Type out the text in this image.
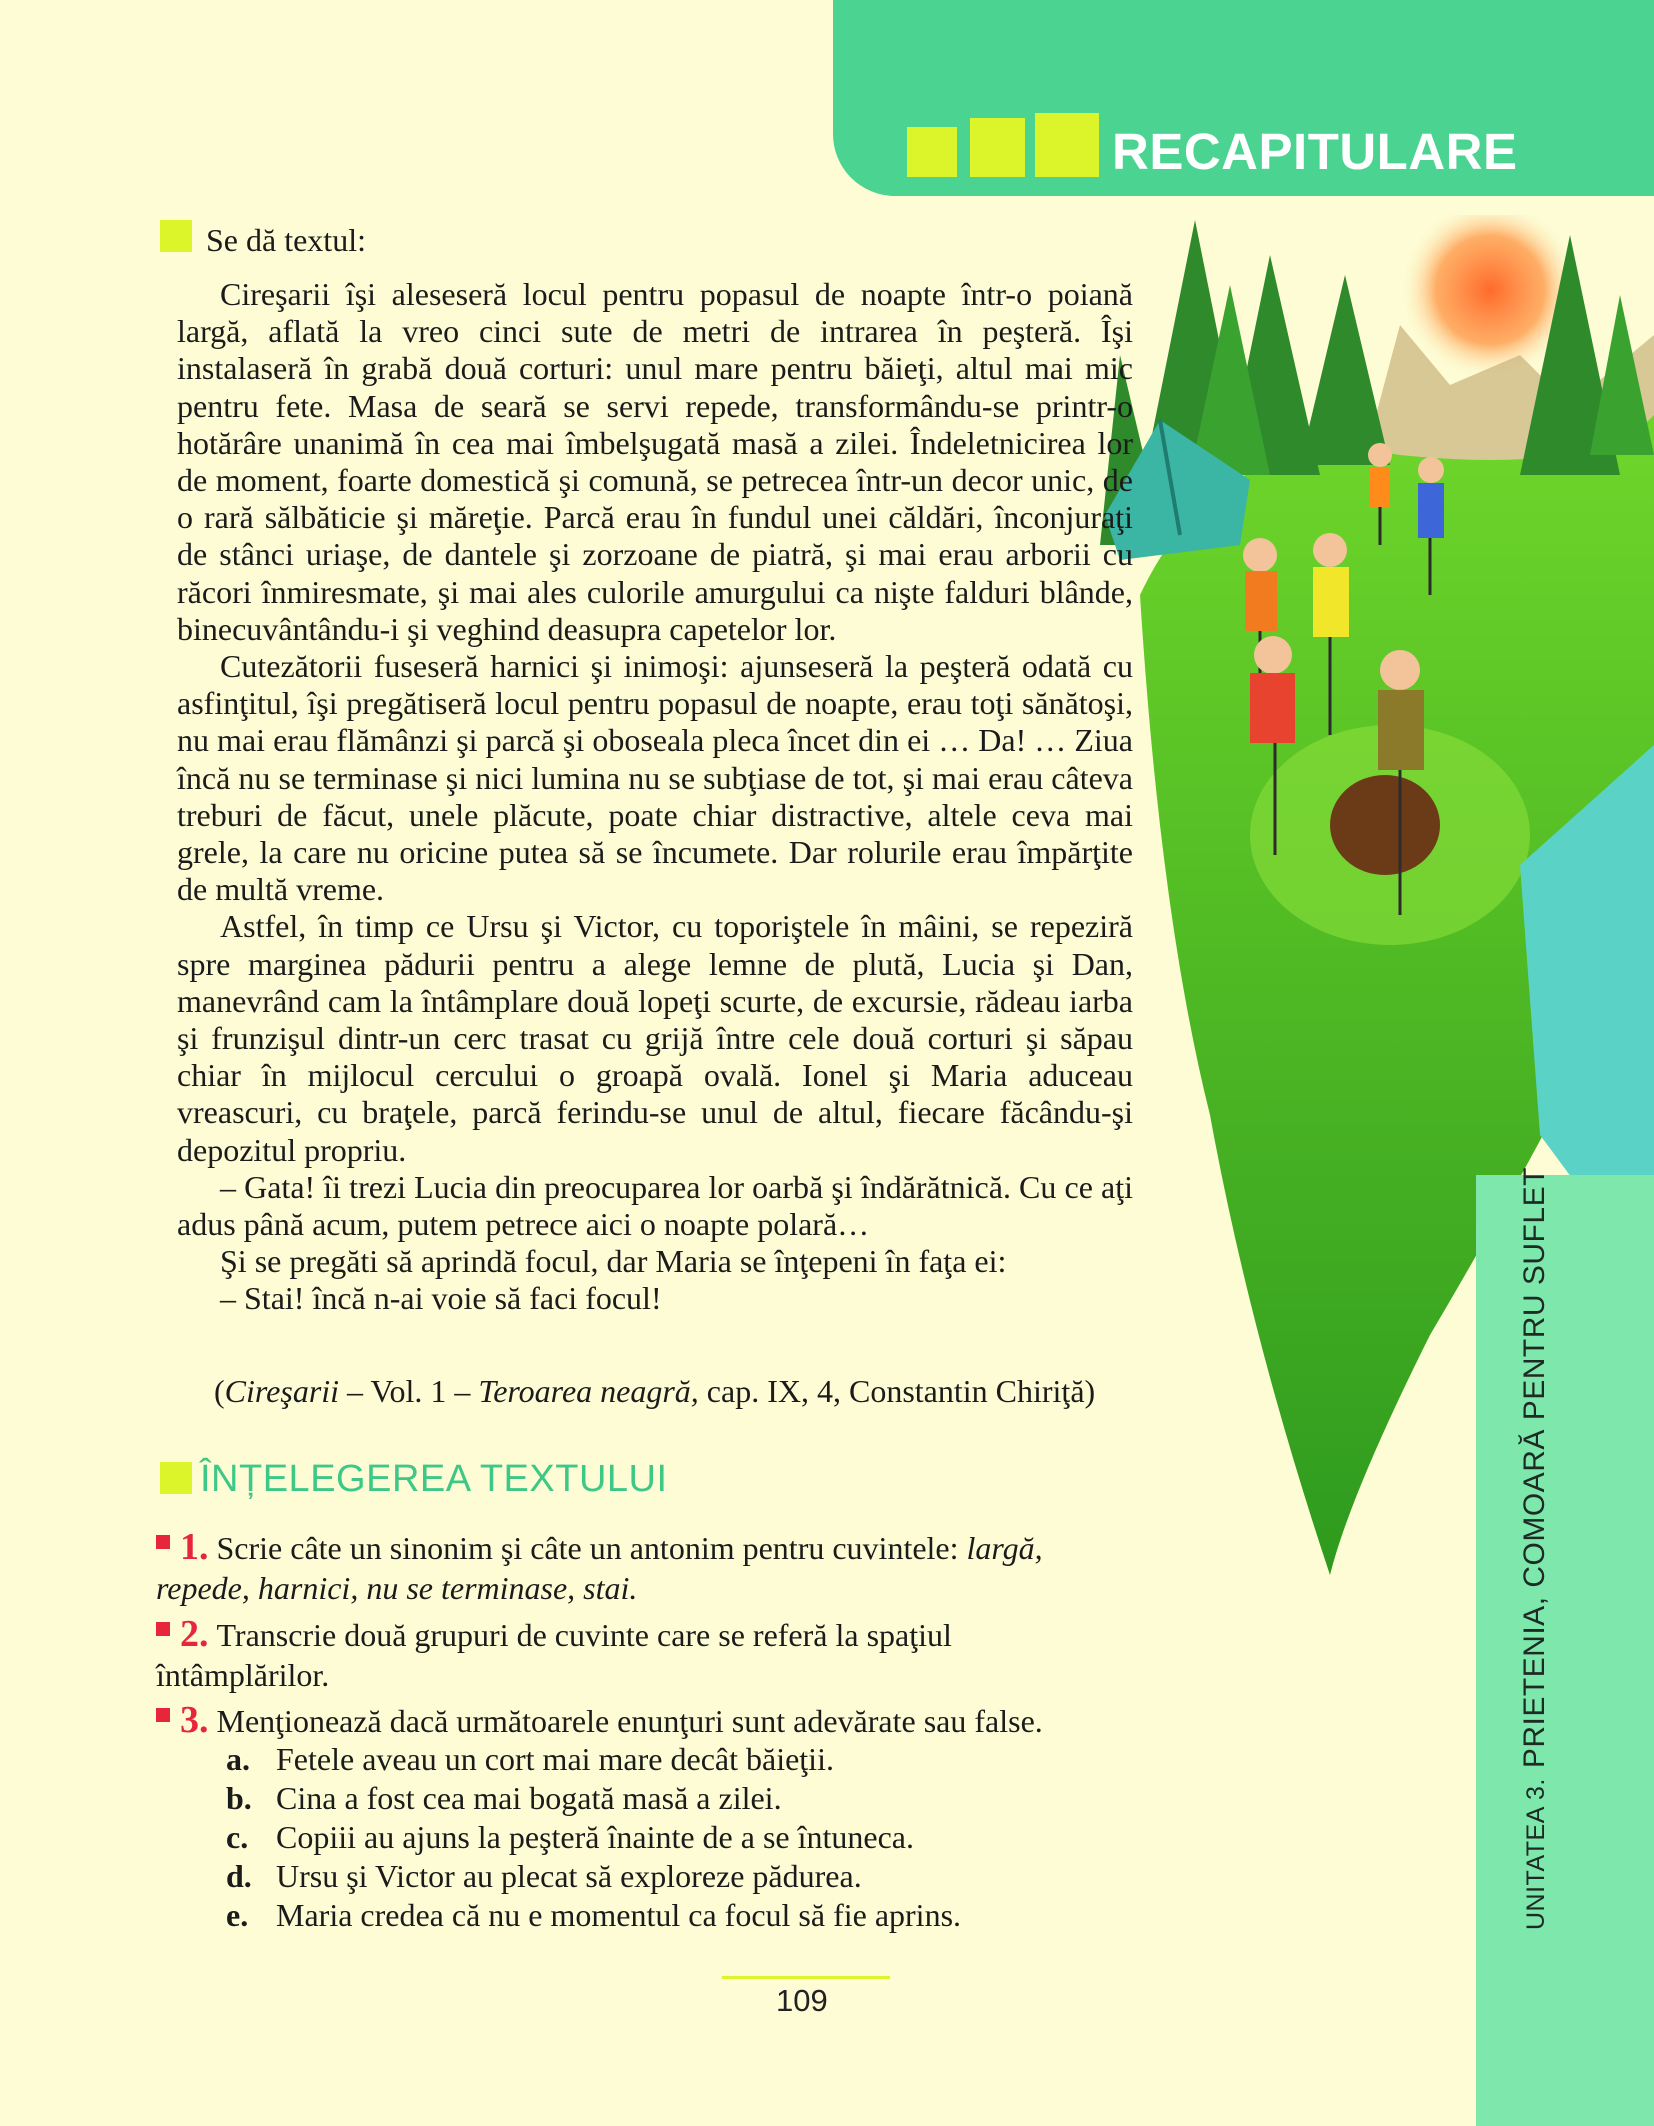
RECAPITULARE
UNITATEA 3.PRIETENIA, COMOARĂ PENTRU SUFLET
Se dă textul:

Cireşarii îşi aleseseră locul pentru popasul de noapte într-o poiană largă, aflată la vreo cinci sute de metri de intrarea în peşteră. Îşi instalaseră în grabă două corturi: unul mare pentru băieţi, altul mai mic pentru fete. Masa de seară se servi repede, transformându-se printr-o hotărâre unanimă în cea mai îmbelşugată masă a zilei. Îndeletnicirea lor de moment, foarte domestică şi comună, se petrecea într-un decor unic, de o rară sălbăticie şi măreţie. Parcă erau în fundul unei căldări, înconjuraţi de stânci uriaşe, de dantele şi zorzoane de piatră, şi mai erau arborii cu răcori înmiresmate, şi mai ales culorile amurgului ca nişte falduri blânde, binecuvântându-i şi veghind deasupra capetelor lor.

Cutezătorii fuseseră harnici şi inimoşi: ajunseseră la peşteră odată cu asfinţitul, îşi pregătiseră locul pentru popasul de noapte, erau toţi sănătoşi, nu mai erau flămânzi şi parcă şi oboseala pleca încet din ei … Da! … Ziua încă nu se terminase şi nici lumina nu se subţiase de tot, şi mai erau câteva treburi de făcut, unele plăcute, poate chiar distractive, altele ceva mai grele, la care nu oricine putea să se încumete. Dar rolurile erau împărţite de multă vreme.

Astfel, în timp ce Ursu şi Victor, cu toporiştele în mâini, se repeziră spre marginea pădurii pentru a alege lemne de plută, Lucia şi Dan, manevrând cam la întâmplare două lopeţi scurte, de excursie, rădeau iarba şi frunzişul dintr-un cerc trasat cu grijă între cele două corturi şi săpau chiar în mijlocul cercului o groapă ovală. Ionel şi Maria aduceau vreascuri, cu braţele, parcă ferindu-se unul de altul, fiecare făcându-şi depozitul propriu.

– Gata! îi trezi Lucia din preocuparea lor oarbă şi îndărătnică. Cu ce aţi adus până acum, putem petrece aici o noapte polară…

Şi se pregăti să aprindă focul, dar Maria se înţepeni în faţa ei:

– Stai! încă n-ai voie să faci focul!

(Cireşarii – Vol. 1 – Teroarea neagră, cap. IX, 4, Constantin Chiriţă)
ÎNȚELEGEREA TEXTULUI
1. Scrie câte un sinonim şi câte un antonim pentru cuvintele: largă, repede, harnici, nu se terminase, stai.
2. Transcrie două grupuri de cuvinte care se referă la spaţiul întâmplărilor.
3. Menţionează dacă următoarele enunţuri sunt adevărate sau false.
a. Fetele aveau un cort mai mare decât băieţii.
b. Cina a fost cea mai bogată masă a zilei.
c. Copiii au ajuns la peşteră înainte de a se întuneca.
d. Ursu şi Victor au plecat să exploreze pădurea.
e. Maria credea că nu e momentul ca focul să fie aprins.
109
